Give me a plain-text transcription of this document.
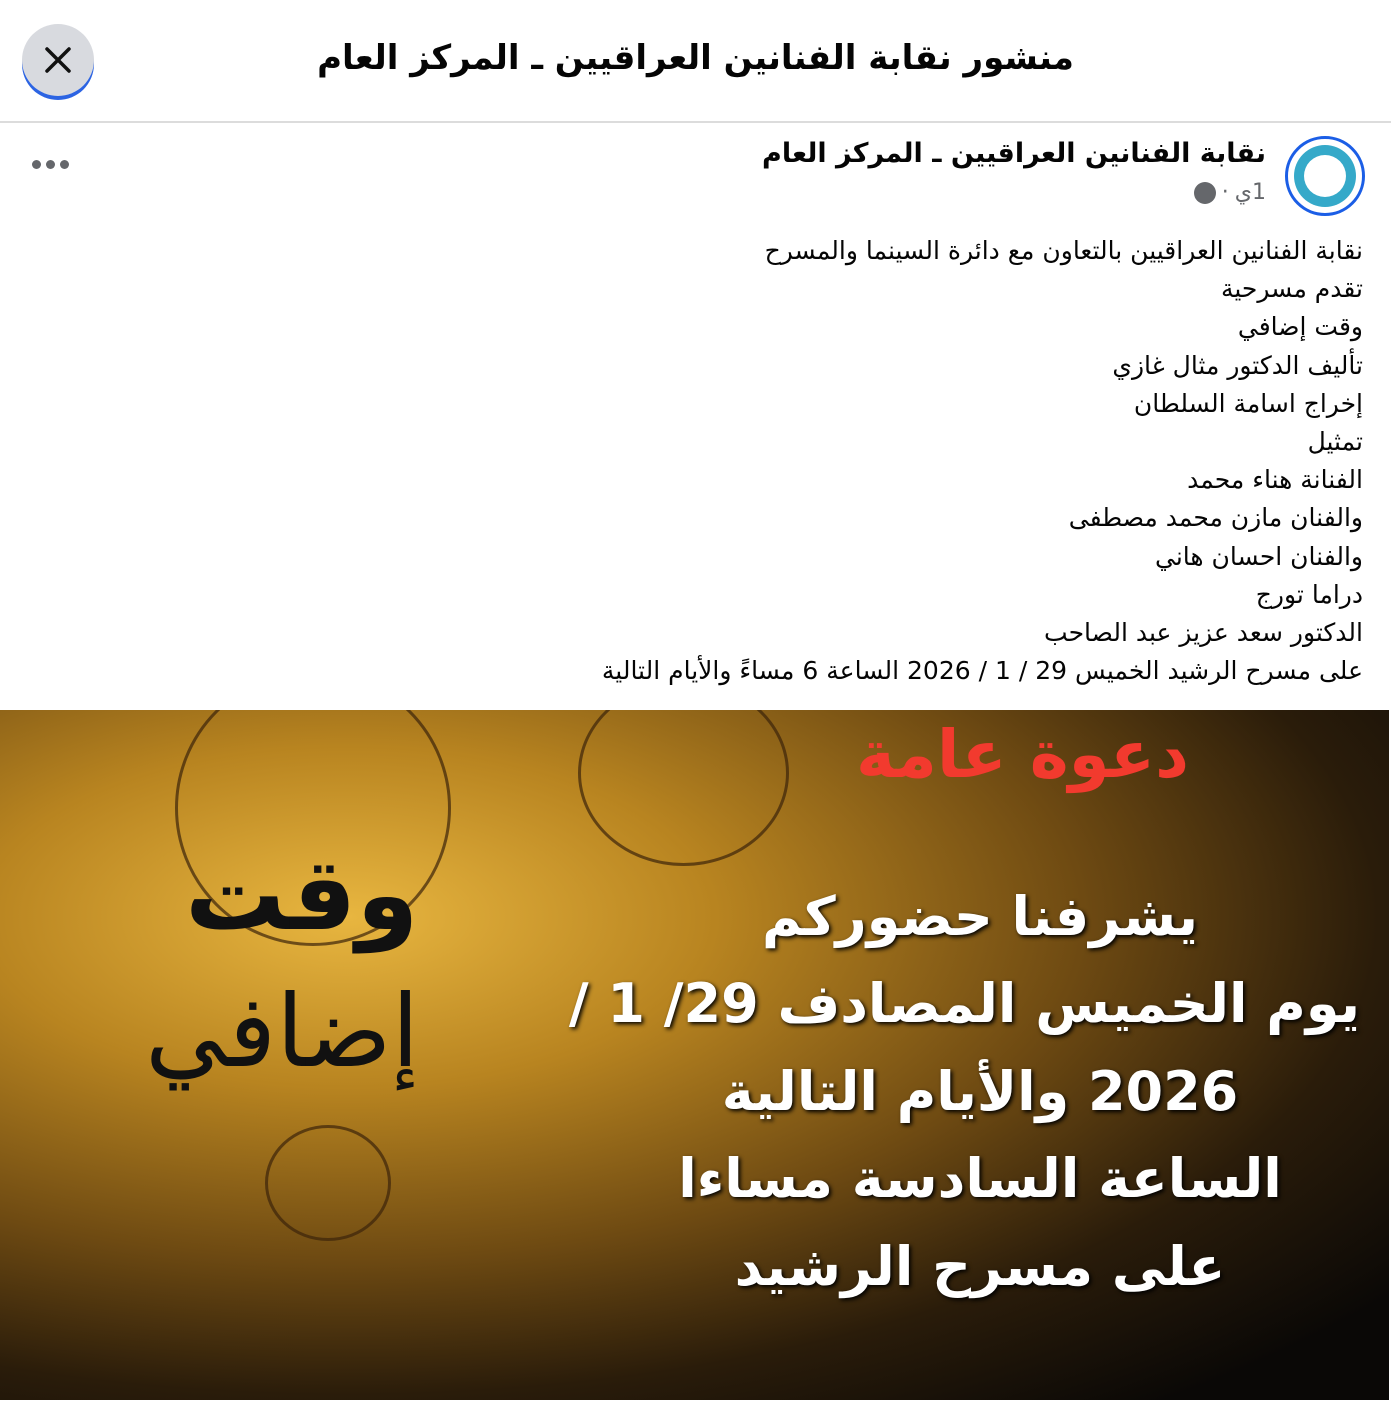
منشور نقابة الفنانين العراقيين ـ المركز العام
نقابة الفنانين العراقيين ـ المركز العام
1ي
·
نقابة الفنانين العراقيين بالتعاون مع دائرة السينما والمسرح
تقدم مسرحية
وقت إضافي
تأليف الدكتور مثال غازي
إخراج اسامة السلطان
تمثيل
الفنانة هناء محمد
والفنان مازن محمد مصطفى
والفنان احسان هاني
دراما تورج
الدكتور سعد عزيز عبد الصاحب
على مسرح الرشيد الخميس 29 / 1 / 2026 الساعة 6 مساءً والأيام التالية
دعوة عامة
وقت
إضافي
يشرفنا حضوركم
يوم الخميس المصادف 29/ 1 /
2026 والأيام التالية
الساعة السادسة مساءا
على مسرح الرشيد
